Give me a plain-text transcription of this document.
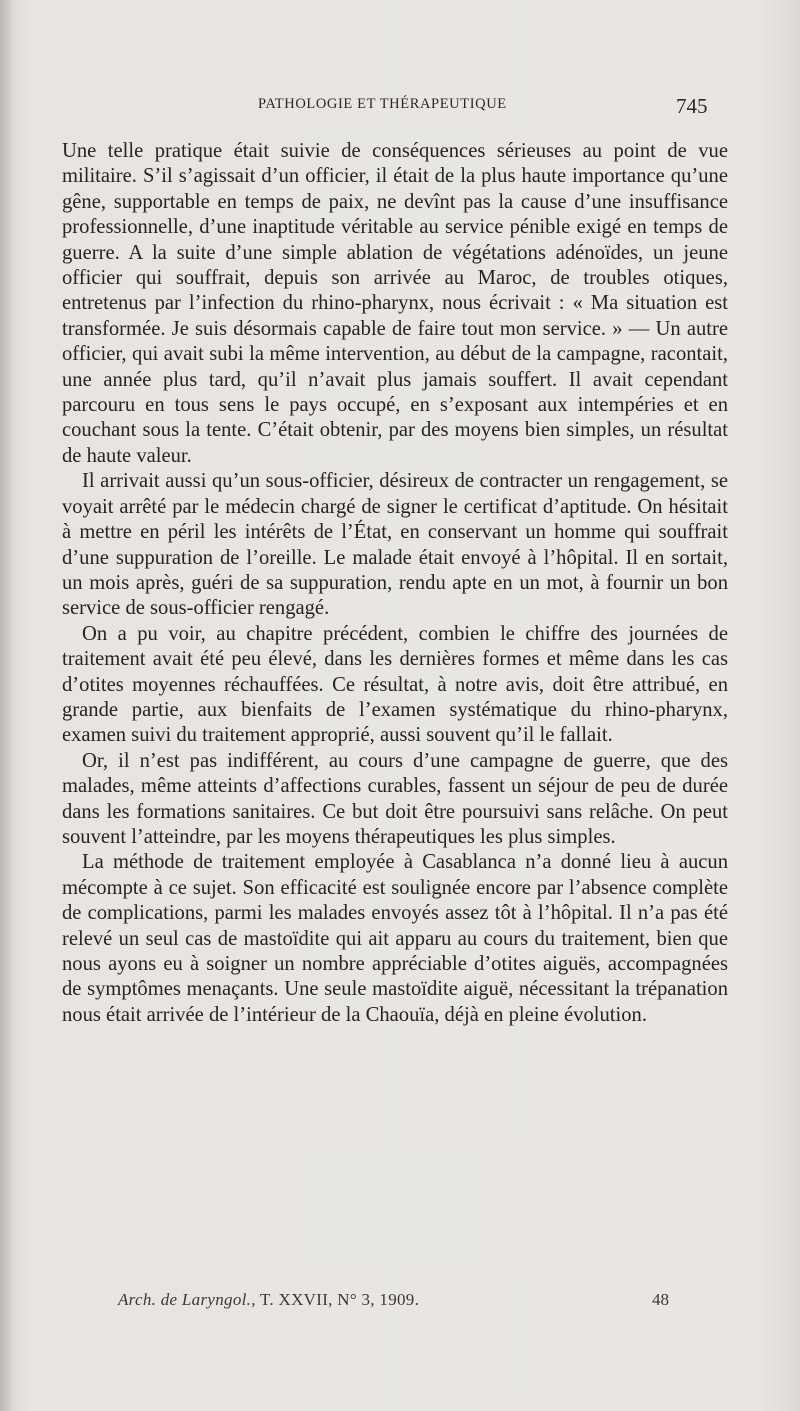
PATHOLOGIE ET THÉRAPEUTIQUE	745

Une telle pratique était suivie de conséquences sérieuses au point de vue militaire. S’il s’agissait d’un officier, il était de la plus haute importance qu’une gêne, supportable en temps de paix, ne devînt pas la cause d’une insuffisance professionnelle, d’une inaptitude véritable au service pénible exigé en temps de guerre. A la suite d’une simple ablation de végétations adénoïdes, un jeune officier qui souffrait, depuis son arrivée au Maroc, de troubles otiques, entretenus par l’infection du rhino-pharynx, nous écrivait : « Ma situation est transformée. Je suis désormais capable de faire tout mon service. » — Un autre officier, qui avait subi la même intervention, au début de la campagne, racontait, une année plus tard, qu’il n’avait plus jamais souffert. Il avait cependant parcouru en tous sens le pays occupé, en s’exposant aux intempéries et en couchant sous la tente. C’était obtenir, par des moyens bien simples, un résultat de haute valeur.

Il arrivait aussi qu’un sous-officier, désireux de contracter un rengagement, se voyait arrêté par le médecin chargé de signer le certificat d’aptitude. On hésitait à mettre en péril les intérêts de l’État, en conservant un homme qui souffrait d’une suppuration de l’oreille. Le malade était envoyé à l’hôpital. Il en sortait, un mois après, guéri de sa suppuration, rendu apte en un mot, à fournir un bon service de sous-officier rengagé.

On a pu voir, au chapitre précédent, combien le chiffre des journées de traitement avait été peu élevé, dans les dernières formes et même dans les cas d’otites moyennes réchauffées. Ce résultat, à notre avis, doit être attribué, en grande partie, aux bienfaits de l’examen systématique du rhino-pharynx, examen suivi du traitement approprié, aussi souvent qu’il le fallait.

Or, il n’est pas indifférent, au cours d’une campagne de guerre, que des malades, même atteints d’affections curables, fassent un séjour de peu de durée dans les formations sanitaires. Ce but doit être poursuivi sans relâche. On peut souvent l’atteindre, par les moyens thérapeutiques les plus simples.

La méthode de traitement employée à Casablanca n’a donné lieu à aucun mécompte à ce sujet. Son efficacité est soulignée encore par l’absence complète de complications, parmi les malades envoyés assez tôt à l’hôpital. Il n’a pas été relevé un seul cas de mastoïdite qui ait apparu au cours du traitement, bien que nous ayons eu à soigner un nombre appréciable d’otites aiguës, accompagnées de symptômes menaçants. Une seule mastoïdite aiguë, nécessitant la trépanation nous était arrivée de l’intérieur de la Chaouïa, déjà en pleine évolution.

Arch. de Laryngol., T. XXVII, N° 3, 1909.	48
